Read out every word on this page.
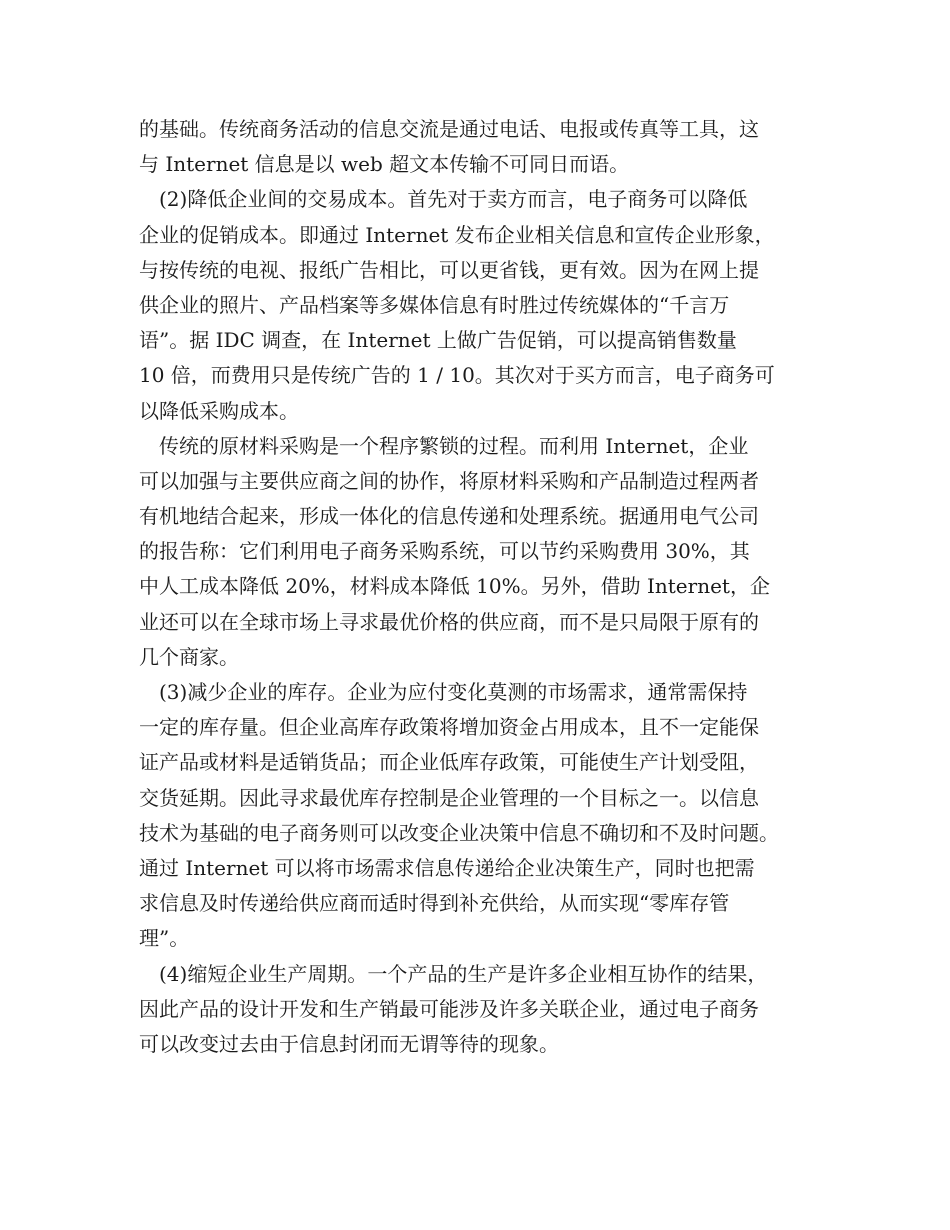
的基础。传统商务活动的信息交流是通过电话、电报或传真等工具，这
与 Internet 信息是以 web 超文本传输不可同日而语。
　(2)降低企业间的交易成本。首先对于卖方而言，电子商务可以降低
企业的促销成本。即通过 Internet 发布企业相关信息和宣传企业形象，
与按传统的电视、报纸广告相比，可以更省钱，更有效。因为在网上提
供企业的照片、产品档案等多媒体信息有时胜过传统媒体的“千言万
语”。据 IDC 调查，在 Internet 上做广告促销，可以提高销售数量
10 倍，而费用只是传统广告的 1 / 10。其次对于买方而言，电子商务可
以降低采购成本。
　传统的原材料采购是一个程序繁锁的过程。而利用 Internet，企业
可以加强与主要供应商之间的协作，将原材料采购和产品制造过程两者
有机地结合起来，形成一体化的信息传递和处理系统。据通用电气公司
的报告称：它们利用电子商务采购系统，可以节约采购费用 30%，其
中人工成本降低 20%，材料成本降低 10%。另外，借助 Internet，企
业还可以在全球市场上寻求最优价格的供应商，而不是只局限于原有的
几个商家。
　(3)减少企业的库存。企业为应付变化莫测的市场需求，通常需保持
一定的库存量。但企业高库存政策将增加资金占用成本，且不一定能保
证产品或材料是适销货品；而企业低库存政策，可能使生产计划受阻，
交货延期。因此寻求最优库存控制是企业管理的一个目标之一。以信息
技术为基础的电子商务则可以改变企业决策中信息不确切和不及时问题。
通过 Internet 可以将市场需求信息传递给企业决策生产，同时也把需
求信息及时传递给供应商而适时得到补充供给，从而实现“零库存管
理”。
　(4)缩短企业生产周期。一个产品的生产是许多企业相互协作的结果，
因此产品的设计开发和生产销最可能涉及许多关联企业，通过电子商务
可以改变过去由于信息封闭而无谓等待的现象。
